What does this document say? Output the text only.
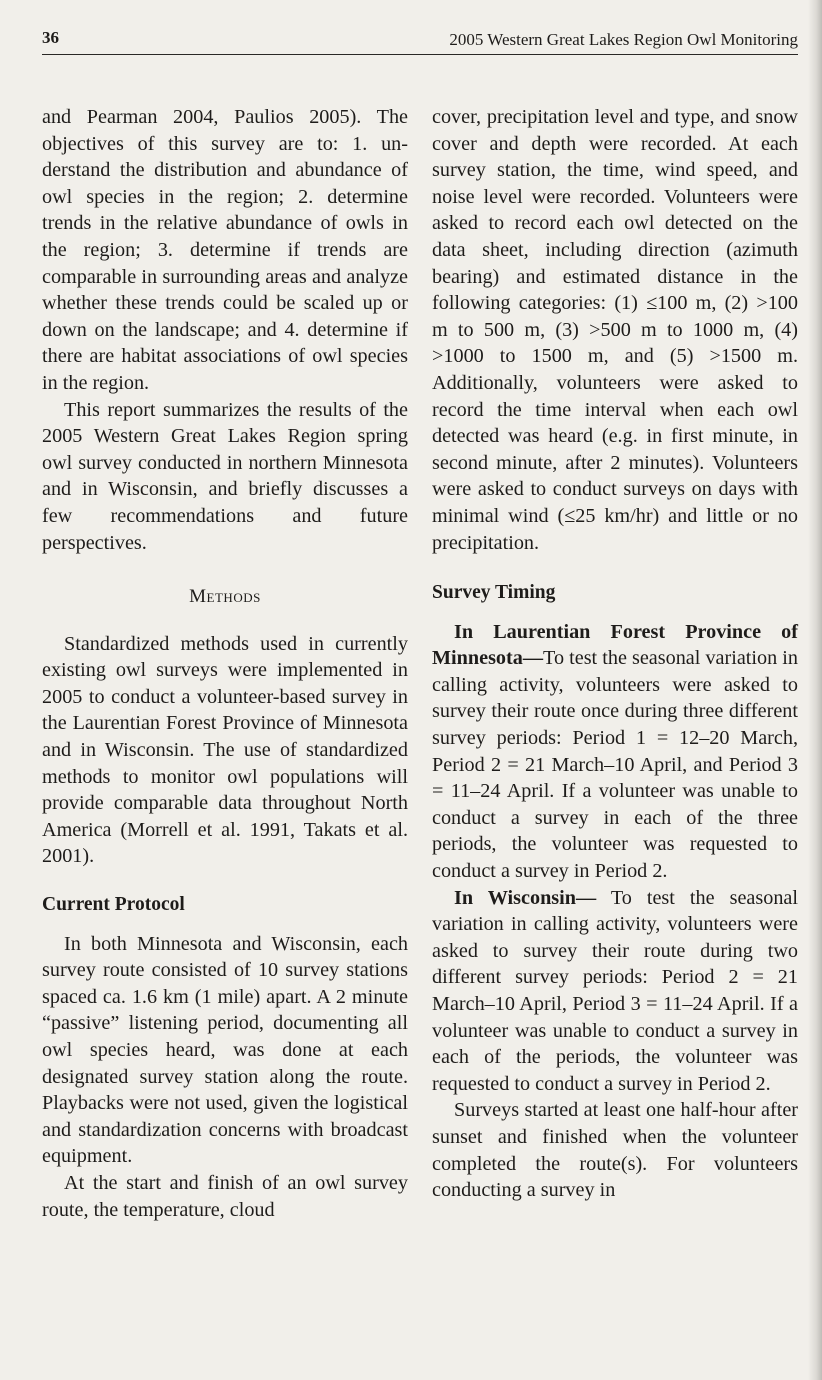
36	2005 Western Great Lakes Region Owl Monitoring

and Pearman 2004, Paulios 2005). The objectives of this survey are to: 1. understand the distribution and abundance of owl species in the region; 2. determine trends in the relative abundance of owls in the region; 3. determine if trends are comparable in surrounding areas and analyze whether these trends could be scaled up or down on the landscape; and 4. determine if there are habitat associations of owl species in the region.

This report summarizes the results of the 2005 Western Great Lakes Region spring owl survey conducted in northern Minnesota and in Wisconsin, and briefly discusses a few recommendations and future perspectives.

Methods

Standardized methods used in currently existing owl surveys were implemented in 2005 to conduct a volunteer-based survey in the Laurentian Forest Province of Minnesota and in Wisconsin. The use of standardized methods to monitor owl populations will provide comparable data throughout North America (Morrell et al. 1991, Takats et al. 2001).

Current Protocol

In both Minnesota and Wisconsin, each survey route consisted of 10 survey stations spaced ca. 1.6 km (1 mile) apart. A 2 minute “passive” listening period, documenting all owl species heard, was done at each designated survey station along the route. Playbacks were not used, given the logistical and standardization concerns with broadcast equipment.

At the start and finish of an owl survey route, the temperature, cloud

cover, precipitation level and type, and snow cover and depth were recorded. At each survey station, the time, wind speed, and noise level were recorded. Volunteers were asked to record each owl detected on the data sheet, including direction (azimuth bearing) and estimated distance in the following categories: (1) ≤100 m, (2) >100 m to 500 m, (3) >500 m to 1000 m, (4) >1000 to 1500 m, and (5) >1500 m. Additionally, volunteers were asked to record the time interval when each owl detected was heard (e.g. in first minute, in second minute, after 2 minutes). Volunteers were asked to conduct surveys on days with minimal wind (≤25 km/hr) and little or no precipitation.

Survey Timing

In Laurentian Forest Province of Minnesota—To test the seasonal variation in calling activity, volunteers were asked to survey their route once during three different survey periods: Period 1 = 12–20 March, Period 2 = 21 March–10 April, and Period 3 = 11–24 April. If a volunteer was unable to conduct a survey in each of the three periods, the volunteer was requested to conduct a survey in Period 2.

In Wisconsin— To test the seasonal variation in calling activity, volunteers were asked to survey their route during two different survey periods: Period 2 = 21 March–10 April, Period 3 = 11–24 April. If a volunteer was unable to conduct a survey in each of the periods, the volunteer was requested to conduct a survey in Period 2.

Surveys started at least one half-hour after sunset and finished when the volunteer completed the route(s). For volunteers conducting a survey in
